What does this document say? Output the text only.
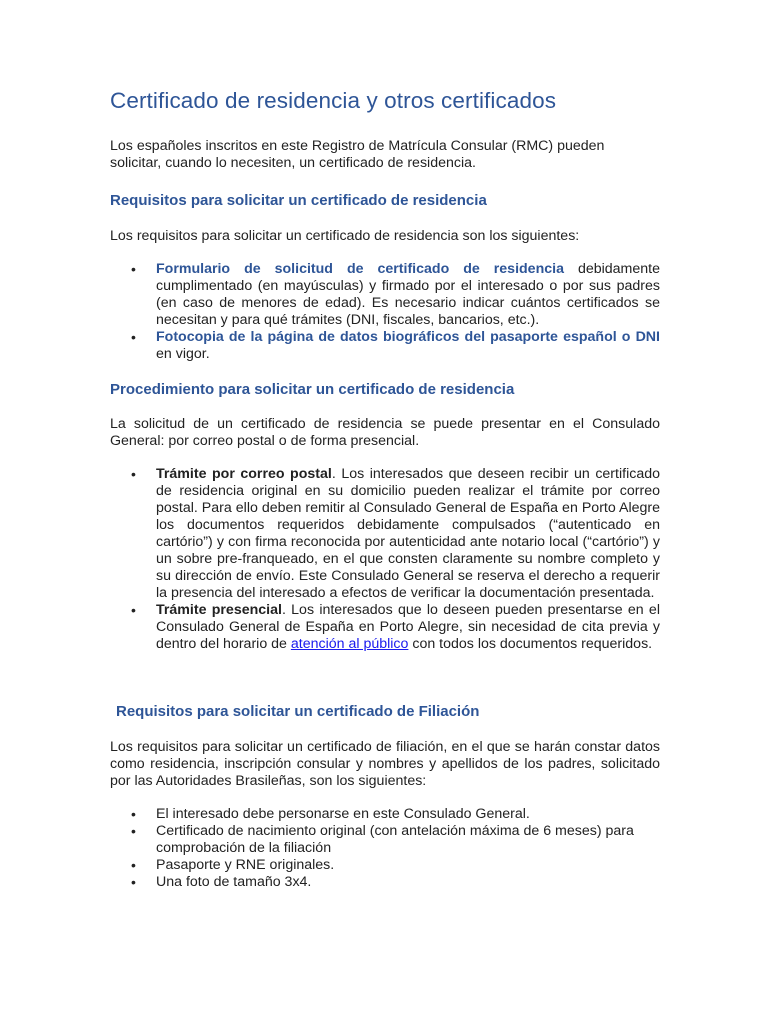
Certificado de residencia y otros certificados

Los españoles inscritos en este Registro de Matrícula Consular (RMC) pueden solicitar, cuando lo necesiten, un certificado de residencia.

Requisitos para solicitar un certificado de residencia

Los requisitos para solicitar un certificado de residencia son los siguientes:

• Formulario de solicitud de certificado de residencia debidamente cumplimentado (en mayúsculas) y firmado por el interesado o por sus padres (en caso de menores de edad). Es necesario indicar cuántos certificados se necesitan y para qué trámites (DNI, fiscales, bancarios, etc.).
• Fotocopia de la página de datos biográficos del pasaporte español o DNI en vigor.
Procedimiento para solicitar un certificado de residencia

La solicitud de un certificado de residencia se puede presentar en el Consulado General: por correo postal o de forma presencial.

• Trámite por correo postal. Los interesados que deseen recibir un certificado de residencia original en su domicilio pueden realizar el trámite por correo postal. Para ello deben remitir al Consulado General de España en Porto Alegre los documentos requeridos debidamente compulsados (“autenticado en cartório”) y con firma reconocida por autenticidad ante notario local (“cartório”) y un sobre pre-franqueado, en el que consten claramente su nombre completo y su dirección de envío. Este Consulado General se reserva el derecho a requerir la presencia del interesado a efectos de verificar la documentación presentada.
• Trámite presencial. Los interesados que lo deseen pueden presentarse en el Consulado General de España en Porto Alegre, sin necesidad de cita previa y dentro del horario de atención al público con todos los documentos requeridos.
Requisitos para solicitar un certificado de Filiación

Los requisitos para solicitar un certificado de filiación, en el que se harán constar datos como residencia, inscripción consular y nombres y apellidos de los padres, solicitado por las Autoridades Brasileñas, son los siguientes:

• El interesado debe personarse en este Consulado General.
• Certificado de nacimiento original (con antelación máxima de 6 meses) para comprobación de la filiación
• Pasaporte y RNE originales.
• Una foto de tamaño 3x4.
